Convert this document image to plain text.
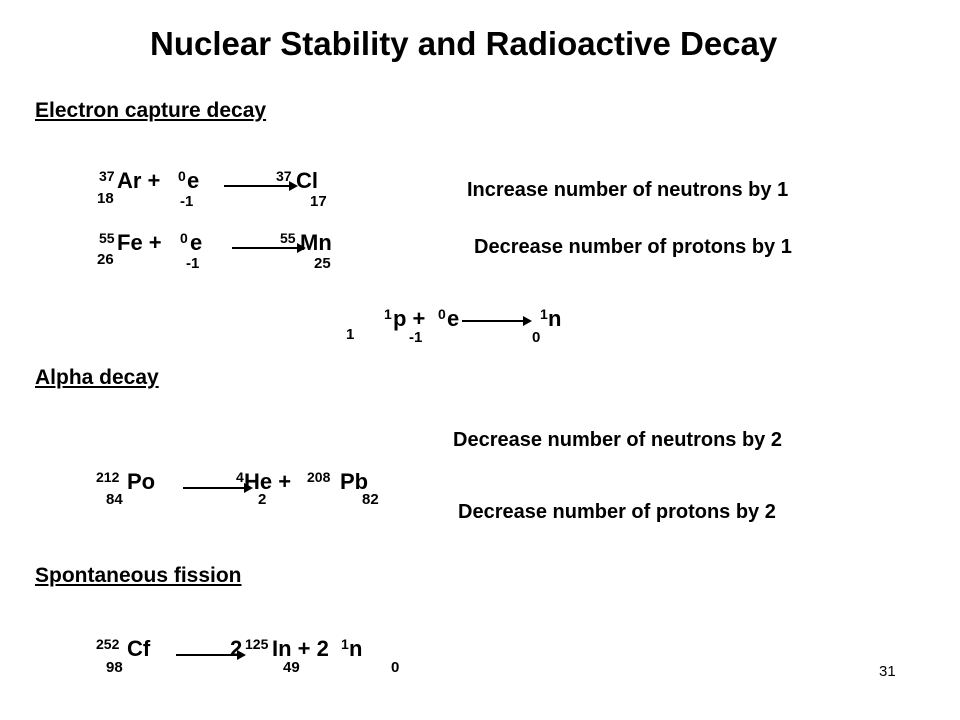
Nuclear Stability and Radioactive Decay
Electron capture decay
37
18
Ar + 0 e
-1
37 Cl
17
Increase number of neutrons by 1
55
26
Fe + 0 e
-1
55 Mn
25
Decrease number of protons by 1
1
1
p + 0 e
-1
→ 1 n
0
Alpha decay
Decrease number of neutrons by 2
212
84
Po	4 He +
2
208 Pb
82
Decrease number of protons by 2
Spontaneous fission
252
98
Cf	2 125 In + 2
49
1 n
0	31
